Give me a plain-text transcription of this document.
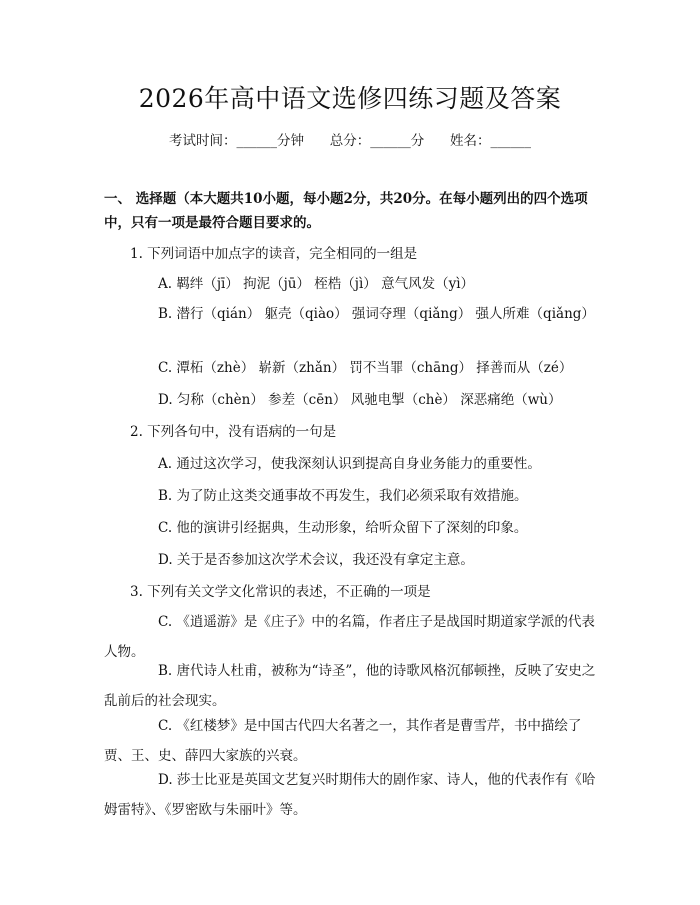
2026年高中语文选修四练习题及答案
考试时间：______分钟      总分：______分      姓名：______
一、 选择题（本大题共10小题，每小题2分，共20分。在每小题列出的四个选项中，只有一项是最符合题目要求的。
1. 下列词语中加点字的读音，完全相同的一组是
A. 羁绊（jī） 拘泥（jū） 桎梏（jì） 意气风发（yì）
B. 潜行（qián） 躯壳（qiào） 强词夺理（qiǎng） 强人所难（qiǎng）
C. 潭柘（zhè） 崭新（zhǎn） 罚不当罪（chāng） 择善而从（zé）
D. 匀称（chèn） 参差（cēn） 风驰电掣（chè） 深恶痛绝（wù）
2. 下列各句中，没有语病的一句是
A. 通过这次学习，使我深刻认识到提高自身业务能力的重要性。
B. 为了防止这类交通事故不再发生，我们必须采取有效措施。
C. 他的演讲引经据典，生动形象，给听众留下了深刻的印象。
D. 关于是否参加这次学术会议，我还没有拿定主意。
3. 下列有关文学文化常识的表述，不正确的一项是
C. 《逍遥游》是《庄子》中的名篇，作者庄子是战国时期道家学派的代表人物。
B. 唐代诗人杜甫，被称为“诗圣”，他的诗歌风格沉郁顿挫，反映了安史之乱前后的社会现实。
C. 《红楼梦》是中国古代四大名著之一，其作者是曹雪芹，书中描绘了贾、王、史、薛四大家族的兴衰。
D. 莎士比亚是英国文艺复兴时期伟大的剧作家、诗人，他的代表作有《哈姆雷特》、《罗密欧与朱丽叶》等。
